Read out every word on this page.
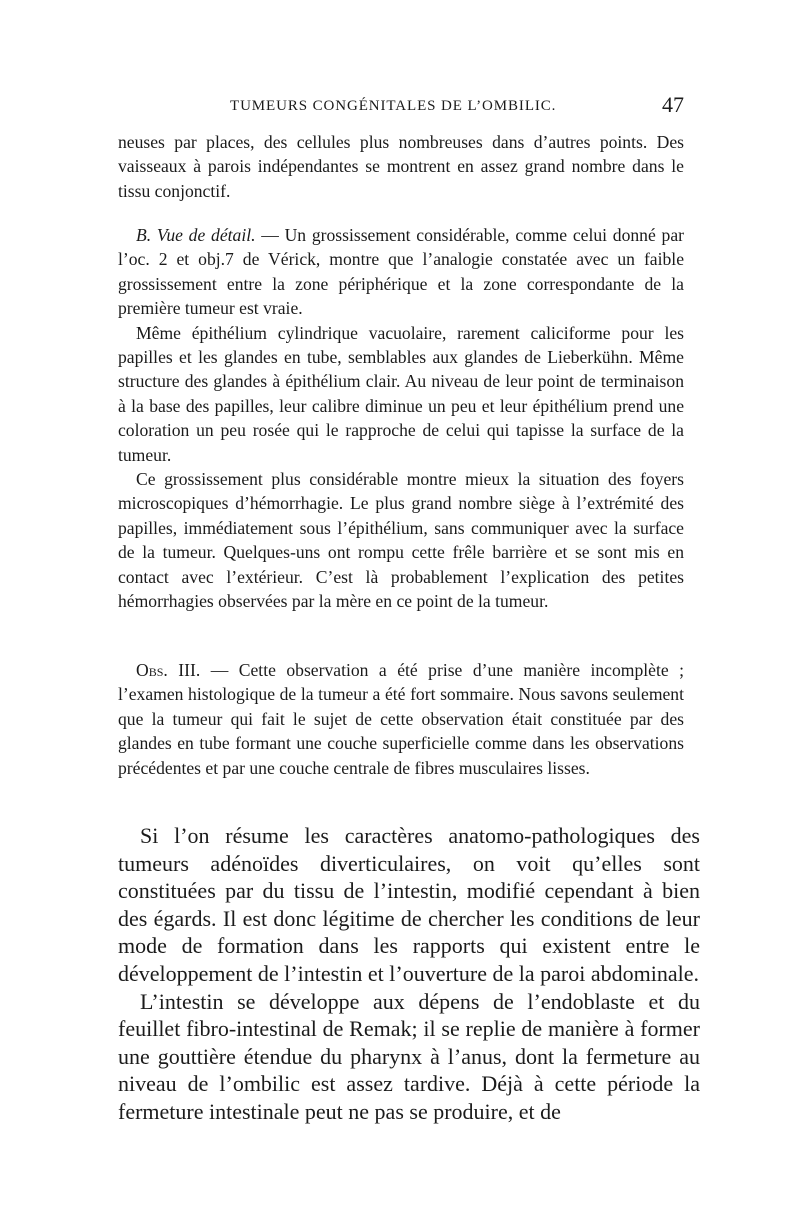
TUMEURS CONGÉNITALES DE L’OMBILIC.	47

neuses par places, des cellules plus nombreuses dans d’autres points. Des vaisseaux à parois indépendantes se montrent en assez grand nombre dans le tissu conjonctif.

B. Vue de détail. — Un grossissement considérable, comme celui donné par l’oc. 2 et obj.7 de Vérick, montre que l’analogie constatée avec un faible grossissement entre la zone périphérique et la zone correspondante de la première tumeur est vraie.

Même épithélium cylindrique vacuolaire, rarement caliciforme pour les papilles et les glandes en tube, semblables aux glandes de Lieberkühn. Même structure des glandes à épithélium clair. Au niveau de leur point de terminaison à la base des papilles, leur calibre diminue un peu et leur épithélium prend une coloration un peu rosée qui le rapproche de celui qui tapisse la surface de la tumeur.

Ce grossissement plus considérable montre mieux la situation des foyers microscopiques d’hémorrhagie. Le plus grand nombre siège à l’extrémité des papilles, immédiatement sous l’épithélium, sans communiquer avec la surface de la tumeur. Quelques-uns ont rompu cette frêle barrière et se sont mis en contact avec l’extérieur. C’est là probablement l’explication des petites hémorrhagies observées par la mère en ce point de la tumeur.

Obs. III. — Cette observation a été prise d’une manière incomplète ; l’examen histologique de la tumeur a été fort sommaire. Nous savons seulement que la tumeur qui fait le sujet de cette observation était constituée par des glandes en tube formant une couche superficielle comme dans les observations précédentes et par une couche centrale de fibres musculaires lisses.

Si l’on résume les caractères anatomo-pathologiques des tumeurs adénoïdes diverticulaires, on voit qu’elles sont constituées par du tissu de l’intestin, modifié cependant à bien des égards. Il est donc légitime de chercher les conditions de leur mode de formation dans les rapports qui existent entre le développement de l’intestin et l’ouverture de la paroi abdominale.

L’intestin se développe aux dépens de l’endoblaste et du feuillet fibro-intestinal de Remak; il se replie de manière à former une gouttière étendue du pharynx à l’anus, dont la fermeture au niveau de l’ombilic est assez tardive. Déjà à cette période la fermeture intestinale peut ne pas se produire, et de
